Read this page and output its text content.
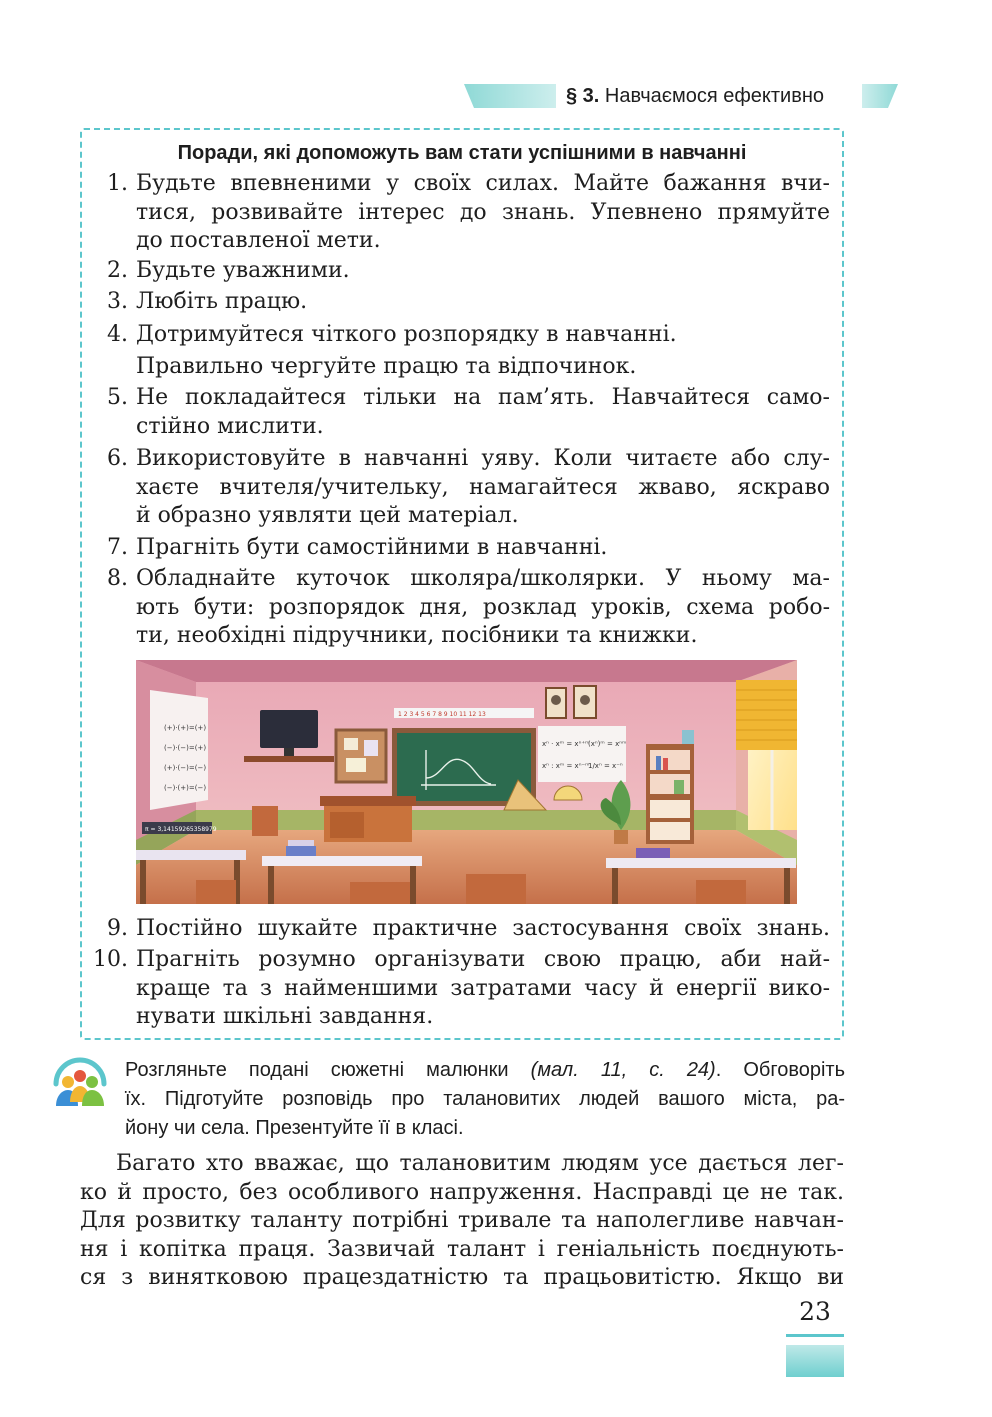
§ 3. Навчаємося ефективно
Поради, які допоможуть вам стати успішними в навчанні
1. Будьте впевненими у своїх силах. Майте бажання вчи-
тися, розвивайте інтерес до знань. Упевнено прямуйте
до поставленої мети.
2. Будьте уважними.
3. Любіть працю.
4. Дотримуйтеся чіткого розпорядку в навчанні.
Правильно чергуйте працю та відпочинок.
5. Не покладайтеся тільки на пам’ять. Навчайтеся само-
стійно мислити.
6. Використовуйте в навчанні уяву. Коли читаєте або слу-
хаєте вчителя/учительку, намагайтеся жваво, яскраво
й образно уявляти цей матеріал.
7. Прагніть бути самостійними в навчанні.
8. Обладнайте куточок школяра/школярки. У ньому ма-
ють бути: розпорядок дня, розклад уроків, схема робо-
ти, необхідні підручники, посібники та книжки.
(+)·(+)=(+)
(−)·(−)=(+)
(+)·(−)=(−)
(−)·(+)=(−)
π = 3,14159265358979
1 2 3 4 5 6 7 8 9 10 11 12 13
xⁿ · xᵐ = xⁿ⁺ᵐ
(xⁿ)ᵐ = xⁿᵐ
xⁿ : xᵐ = xⁿ⁻ᵐ
1/xⁿ = x⁻ⁿ
9. Постійно шукайте практичне застосування своїх знань.
10. Прагніть розумно організувати свою працю, аби най-
краще та з найменшими затратами часу й енергії вико-
нувати шкільні завдання.
Розгляньте подані сюжетні малюнки (мал. 11, с. 24). Обговоріть
їх. Підготуйте розповідь про талановитих людей вашого міста, ра-
йону чи села. Презентуйте її в класі.
Багато хто вважає, що талановитим людям усе дається лег-
ко й просто, без особливого напруження. Насправді це не так.
Для розвитку таланту потрібні тривале та наполегливе навчан-
ня і копітка праця. Зазвичай талант і геніальність поєднують-
ся з винятковою працездатністю та працьовитістю. Якщо ви
23
